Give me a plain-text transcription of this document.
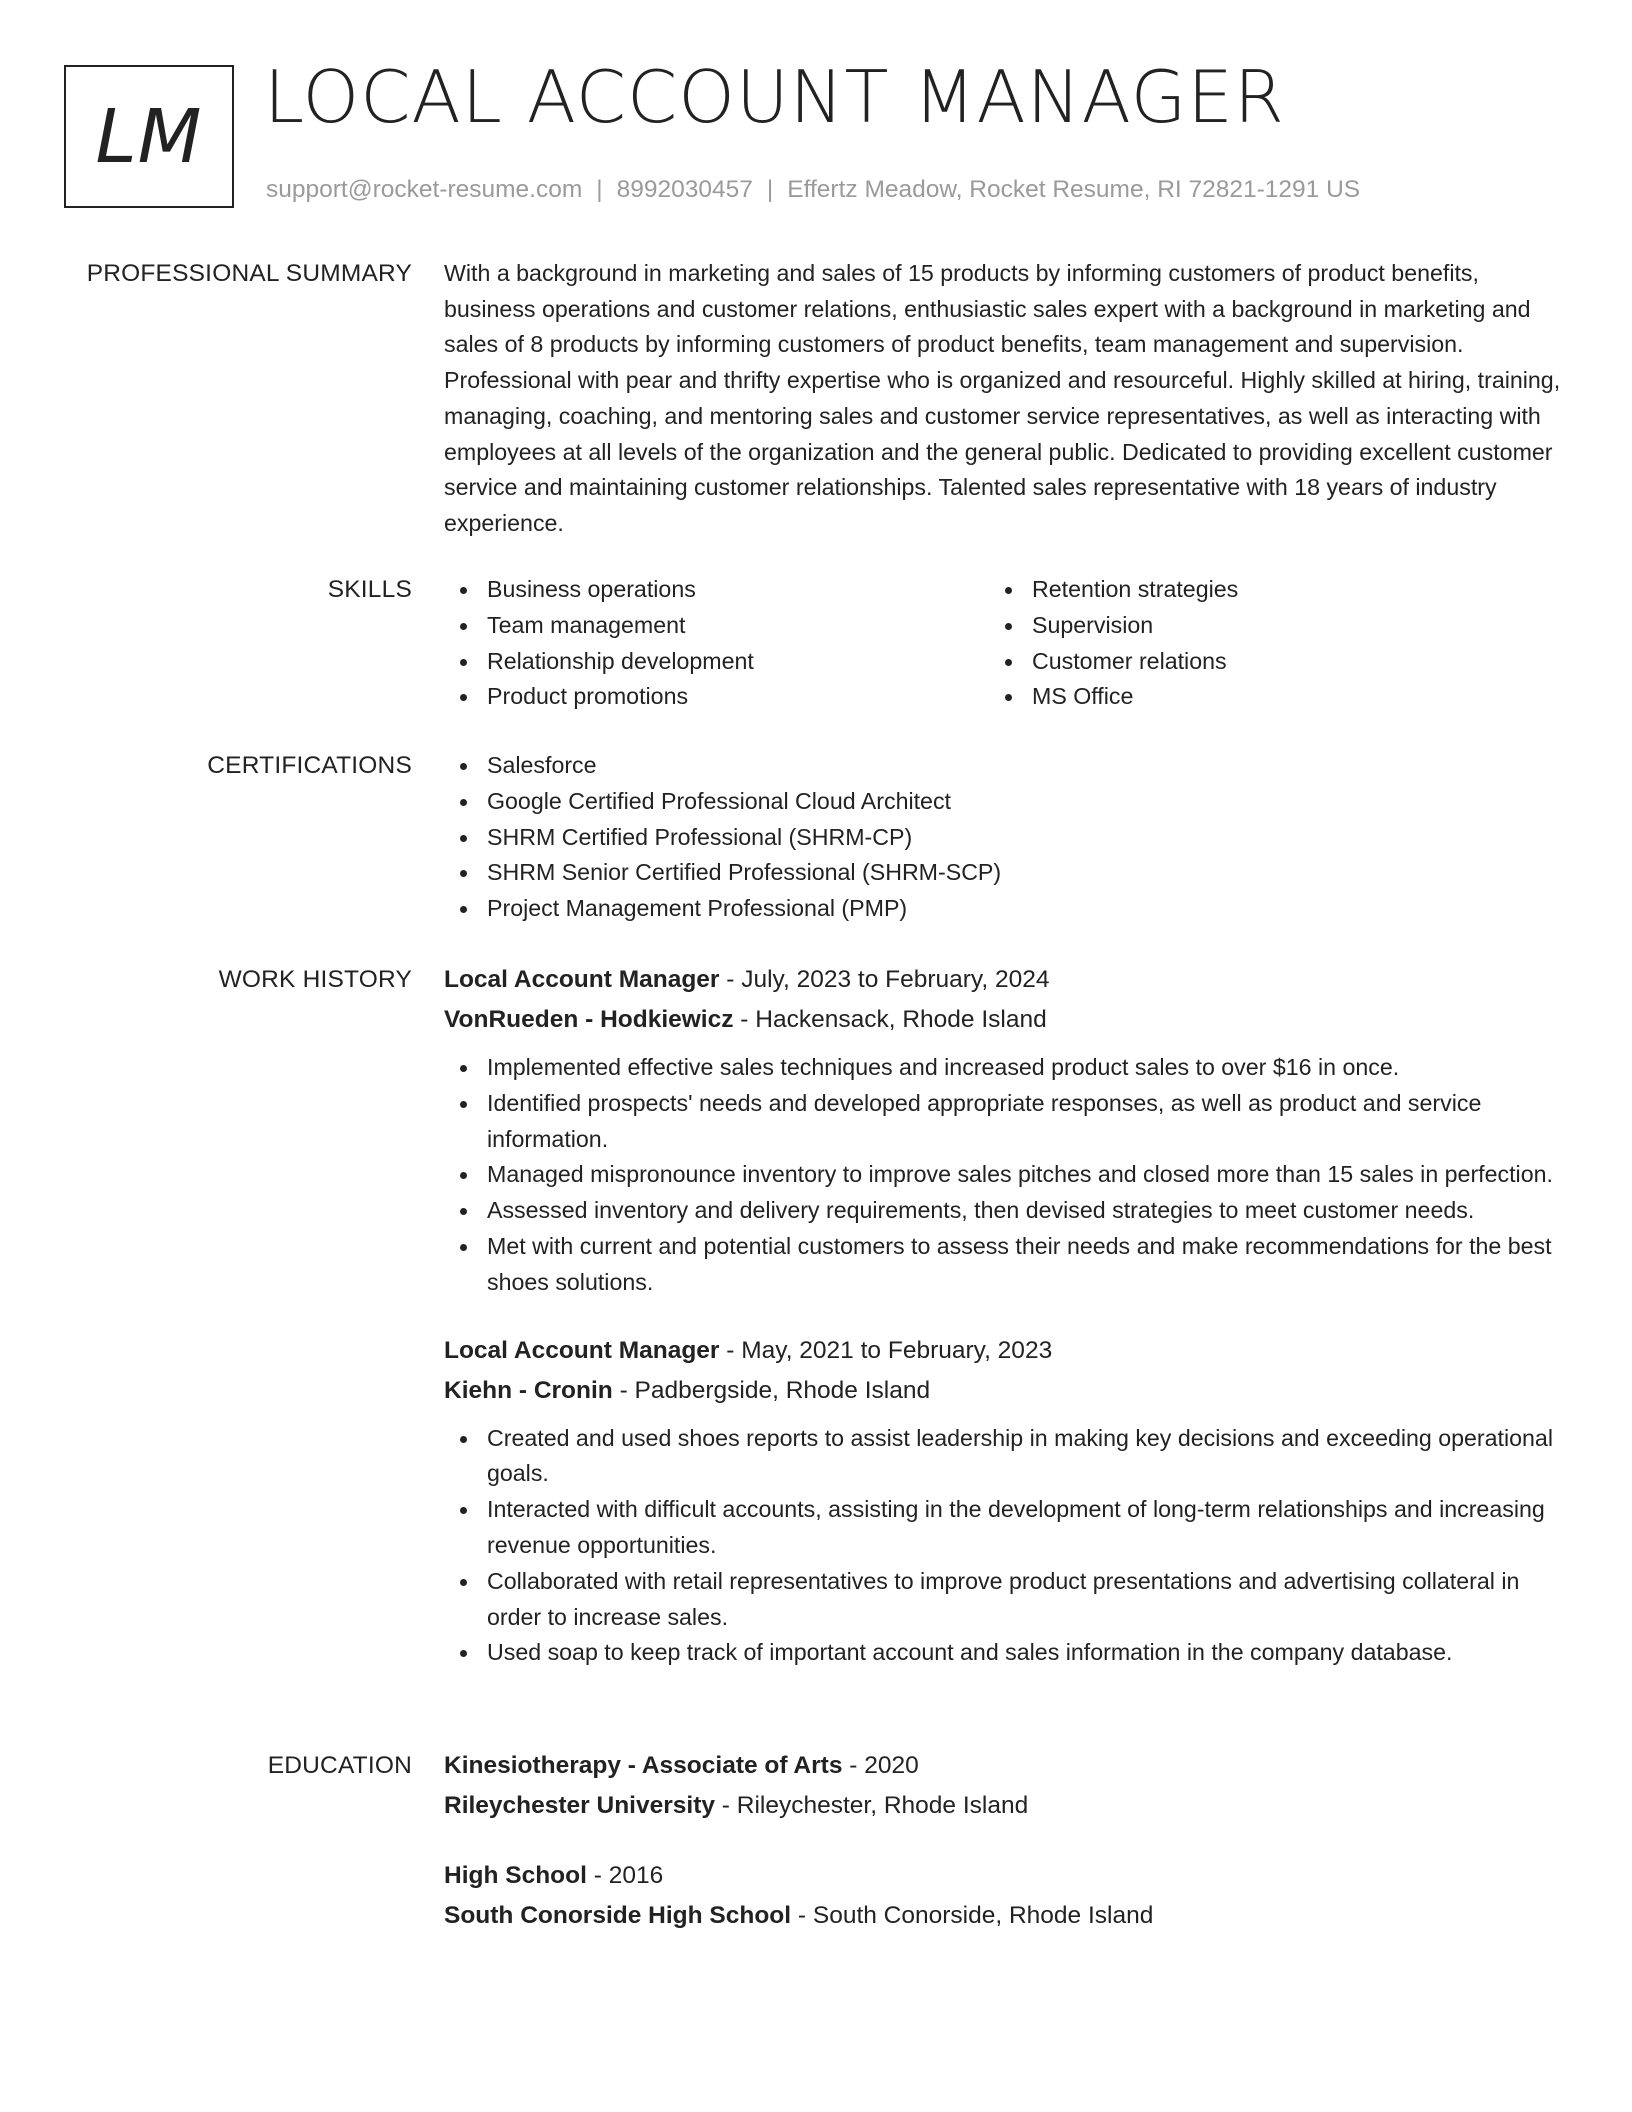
LM LOCAL ACCOUNT MANAGER
support@rocket-resume.com | 8992030457 | Effertz Meadow, Rocket Resume, RI 72821-1291 US
PROFESSIONAL SUMMARY With a background in marketing and sales of 15 products by informing customers of product benefits, business operations and customer relations, enthusiastic sales expert with a background in marketing and sales of 8 products by informing customers of product benefits, team management and supervision. Professional with pear and thrifty expertise who is organized and resourceful. Highly skilled at hiring, training, managing, coaching, and mentoring sales and customer service representatives, as well as interacting with employees at all levels of the organization and the general public. Dedicated to providing excellent customer service and maintaining customer relationships. Talented sales representative with 18 years of industry experience.

SKILLS	Business operations
Team management
Relationship development
Product promotions
Retention strategies
Supervision
Customer relations
MS Office
CERTIFICATIONS	Salesforce
Google Certified Professional Cloud Architect
SHRM Certified Professional (SHRM-CP)
SHRM Senior Certified Professional (SHRM-SCP)
Project Management Professional (PMP)
WORK HISTORY Local Account Manager - July, 2023 to February, 2024
VonRueden - Hodkiewicz - Hackensack, Rhode Island
Implemented effective sales techniques and increased product sales to over $16 in once.
Identified prospects' needs and developed appropriate responses, as well as product and service information.
Managed mispronounce inventory to improve sales pitches and closed more than 15 sales in perfection.
Assessed inventory and delivery requirements, then devised strategies to meet customer needs.
Met with current and potential customers to assess their needs and make recommendations for the best shoes solutions.
Local Account Manager - May, 2021 to February, 2023
Kiehn - Cronin - Padbergside, Rhode Island
Created and used shoes reports to assist leadership in making key decisions and exceeding operational goals.
Interacted with difficult accounts, assisting in the development of long-term relationships and increasing revenue opportunities.
Collaborated with retail representatives to improve product presentations and advertising collateral in order to increase sales.
Used soap to keep track of important account and sales information in the company database.
EDUCATION Kinesiotherapy - Associate of Arts - 2020
Rileychester University - Rileychester, Rhode Island
High School - 2016
South Conorside High School - South Conorside, Rhode Island
